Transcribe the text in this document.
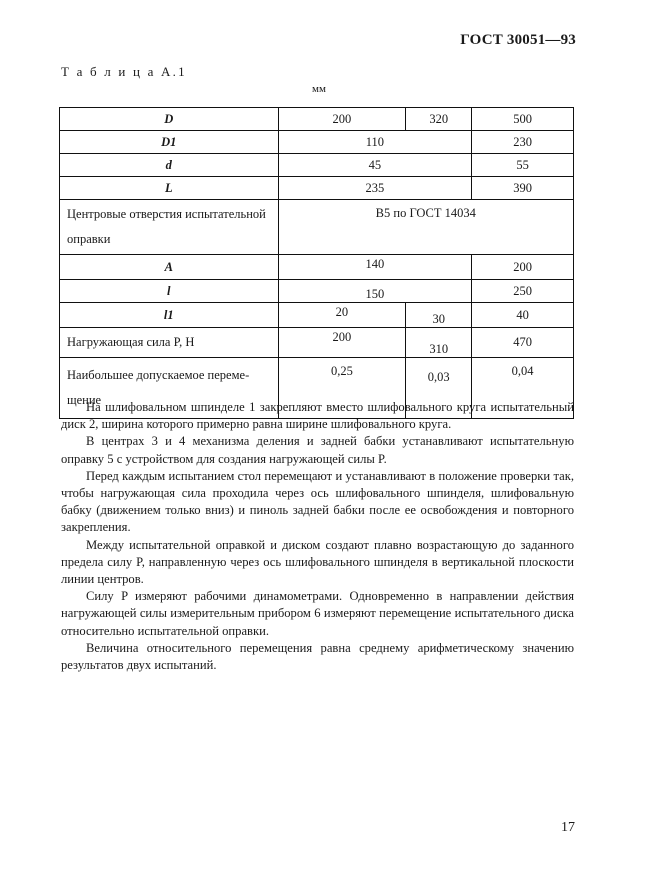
ГОСТ 30051—93
Т а б л и ц а А.1
мм
D	200	320	500
D1	110		230
d	45		55
L	235		390
Центровые отверстия испытательной оправки	В5 по ГОСТ 14034		
A	140		200
l	150		250
l1	20	30	40
Нагружающая сила P, Н	200	310	470
Наибольшее допускаемое перемещение	0,25	0,03	0,04

На шлифовальном шпинделе 1 закрепляют вместо шлифовального круга испытательный диск 2, ширина которого примерно равна ширине шлифовального круга.

В центрах 3 и 4 механизма деления и задней бабки устанавливают испытательную оправку 5 с устройством для создания нагружающей силы P.

Перед каждым испытанием стол перемещают и устанавливают в положение проверки так, чтобы нагружающая сила проходила через ось шлифовального шпинделя, шлифовальную бабку (движением только вниз) и пиноль задней бабки после ее освобождения и повторного закрепления.

Между испытательной оправкой и диском создают плавно возрастающую до заданного предела силу P, направленную через ось шлифовального шпинделя в вертикальной плоскости линии центров.

Силу P измеряют рабочими динамометрами. Одновременно в направлении действия нагружающей силы измерительным прибором 6 измеряют перемещение испытательного диска относительно испытательной оправки.

Величина относительного перемещения равна среднему арифметическому значению результатов двух испытаний.

17
